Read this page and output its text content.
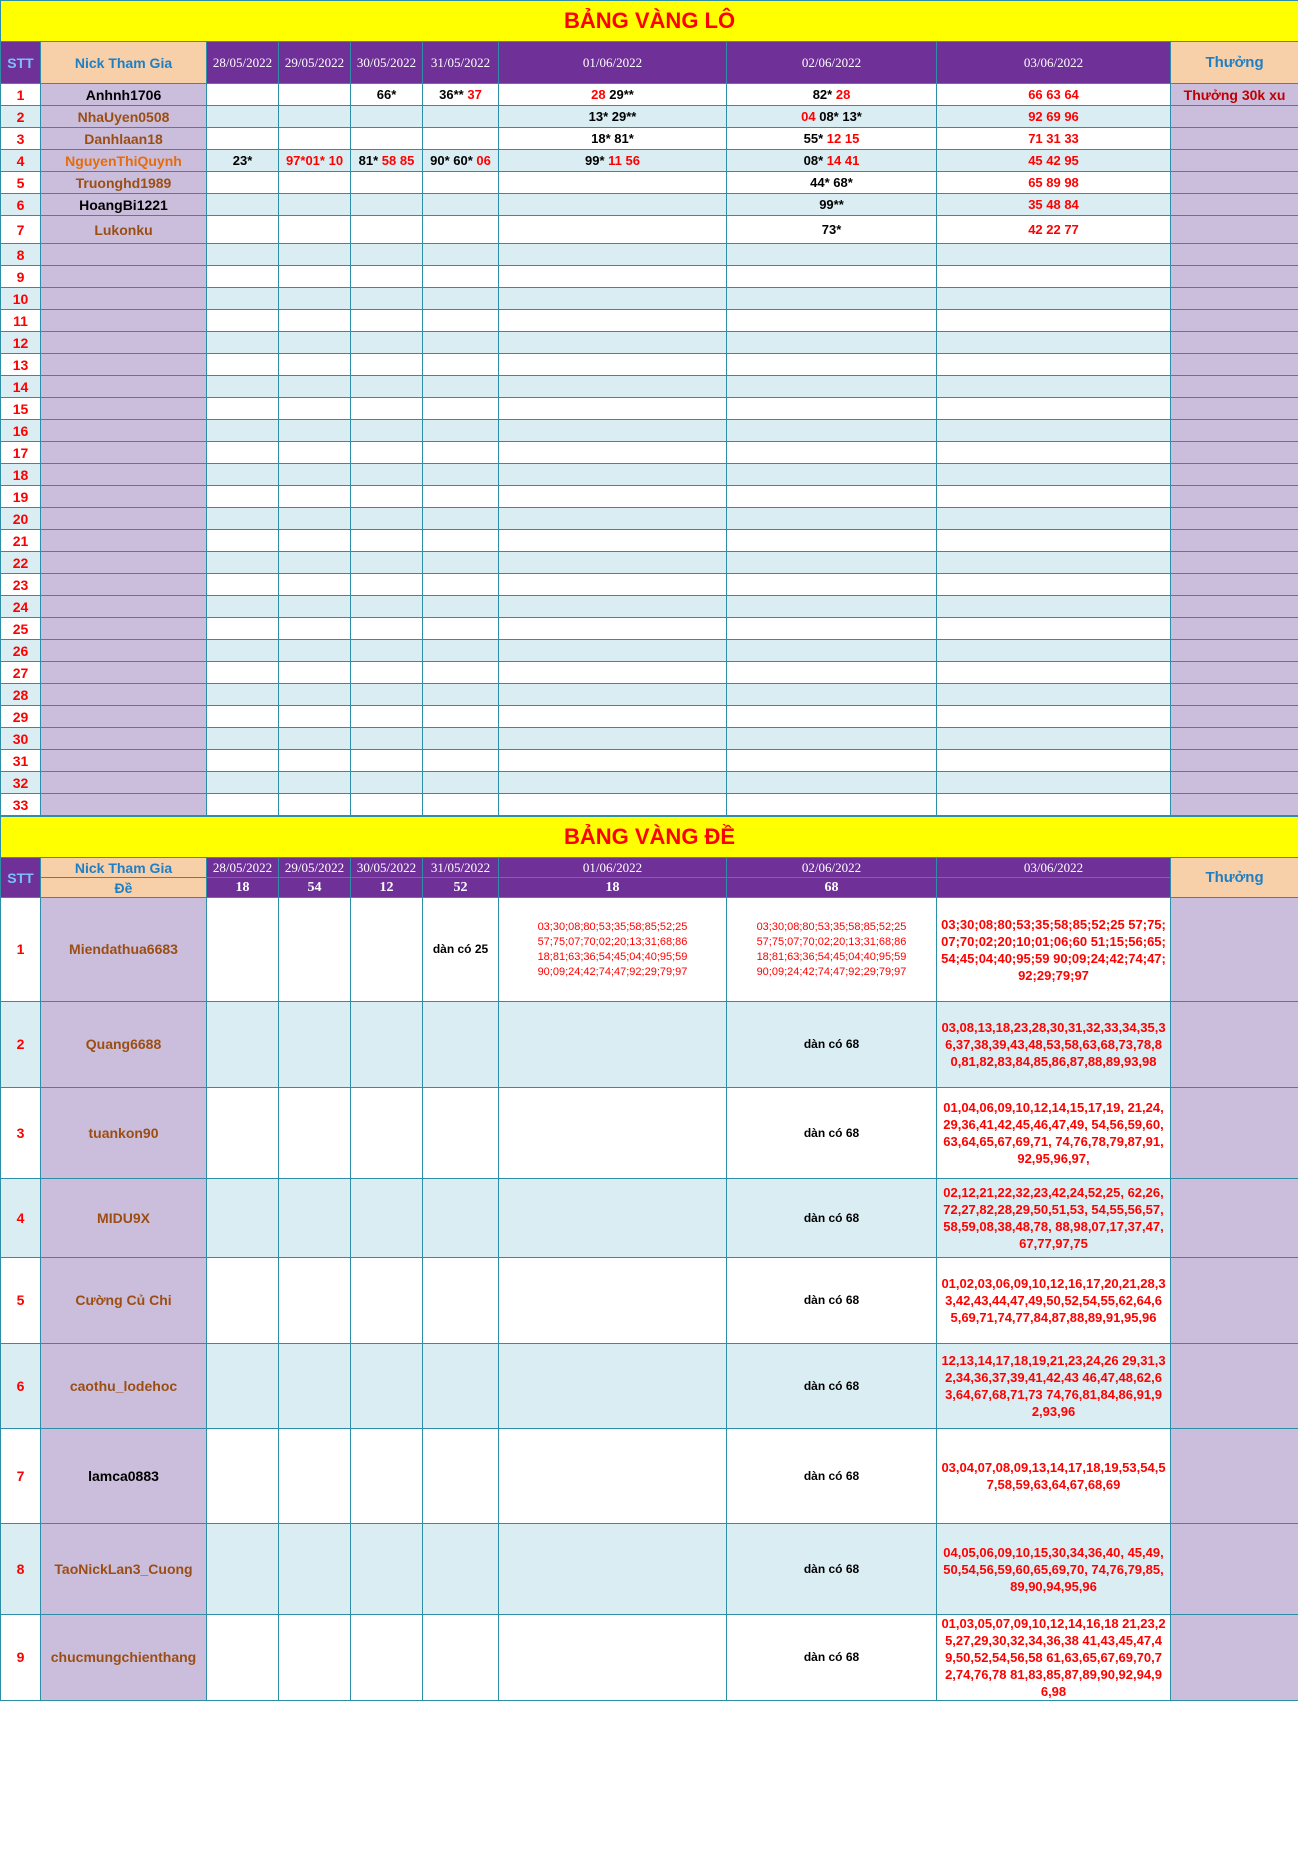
BẢNG VÀNG LÔ									
STT	Nick Tham Gia	28/05/2022	29/05/2022	30/05/2022	31/05/2022	01/06/2022	02/06/2022	03/06/2022	Thưởng
1	Anhnh1706			66*	36** 37	28 29**	82* 28	66 63 64	Thưởng 30k xu
2	NhaUyen0508					13* 29**	04 08* 13*	92 69 96	
3	Danhlaan18					18* 81*	55* 12 15	71 31 33	
4	NguyenThiQuynh	23*	97*01* 10	81* 58 85	90* 60* 06	99* 11 56	08* 14 41	45 42 95	
5	Truonghd1989						44* 68*	65 89 98	
6	HoangBi1221						99**	35 48 84	
7	Lukonku						73*	42 22 77	
8									
9									
10									
11									
12									
13									
14									
15									
16									
17									
18									
19									
20									
21									
22									
23									
24									
25									
26									
27									
28									
29									
30									
31									
32									
33									
BẢNG VÀNG ĐỀ									
STT	Nick Tham Gia	28/05/2022	29/05/2022	30/05/2022	31/05/2022	01/06/2022	02/06/2022	03/06/2022	Thưởng
	Đề	18	54	12	52	18	68		
1	Miendathua6683				dàn có 25	03;30;08;80;53;35;58;85;52;25 57;75;07;70;02;20;13;31;68;86 18;81;63;36;54;45;04;40;95;59 90;09;24;42;74;47;92;29;79;97	03;30;08;80;53;35;58;85;52;25 57;75;07;70;02;20;13;31;68;86 18;81;63;36;54;45;04;40;95;59 90;09;24;42;74;47;92;29;79;97	03;30;08;80;53;35;58;85;52;25 57;75;07;70;02;20;10;01;06;60 51;15;56;65;54;45;04;40;95;59 90;09;24;42;74;47;92;29;79;97	
2	Quang6688						dàn có 68	03,08,13,18,23,28,30,31,32,33,34,35,36,37,38,39,43,48,53,58,63,68,73,78,80,81,82,83,84,85,86,87,88,89,93,98	
3	tuankon90						dàn có 68	01,04,06,09,10,12,14,15,17,19, 21,24,29,36,41,42,45,46,47,49, 54,56,59,60,63,64,65,67,69,71, 74,76,78,79,87,91,92,95,96,97,	
4	MIDU9X						dàn có 68	02,12,21,22,32,23,42,24,52,25, 62,26,72,27,82,28,29,50,51,53, 54,55,56,57,58,59,08,38,48,78, 88,98,07,17,37,47,67,77,97,75	
5	Cường Củ Chi						dàn có 68	01,02,03,06,09,10,12,16,17,20,21,28,33,42,43,44,47,49,50,52,54,55,62,64,65,69,71,74,77,84,87,88,89,91,95,96	
6	caothu_lodehoc						dàn có 68	12,13,14,17,18,19,21,23,24,26 29,31,32,34,36,37,39,41,42,43 46,47,48,62,63,64,67,68,71,73 74,76,81,84,86,91,92,93,96	
7	lamca0883						dàn có 68	03,04,07,08,09,13,14,17,18,19,53,54,57,58,59,63,64,67,68,69	
8	TaoNickLan3_Cuong						dàn có 68	04,05,06,09,10,15,30,34,36,40, 45,49,50,54,56,59,60,65,69,70, 74,76,79,85,89,90,94,95,96	
9	chucmungchienthang						dàn có 68	01,03,05,07,09,10,12,14,16,18 21,23,25,27,29,30,32,34,36,38 41,43,45,47,49,50,52,54,56,58 61,63,65,67,69,70,72,74,76,78 81,83,85,87,89,90,92,94,96,98	
